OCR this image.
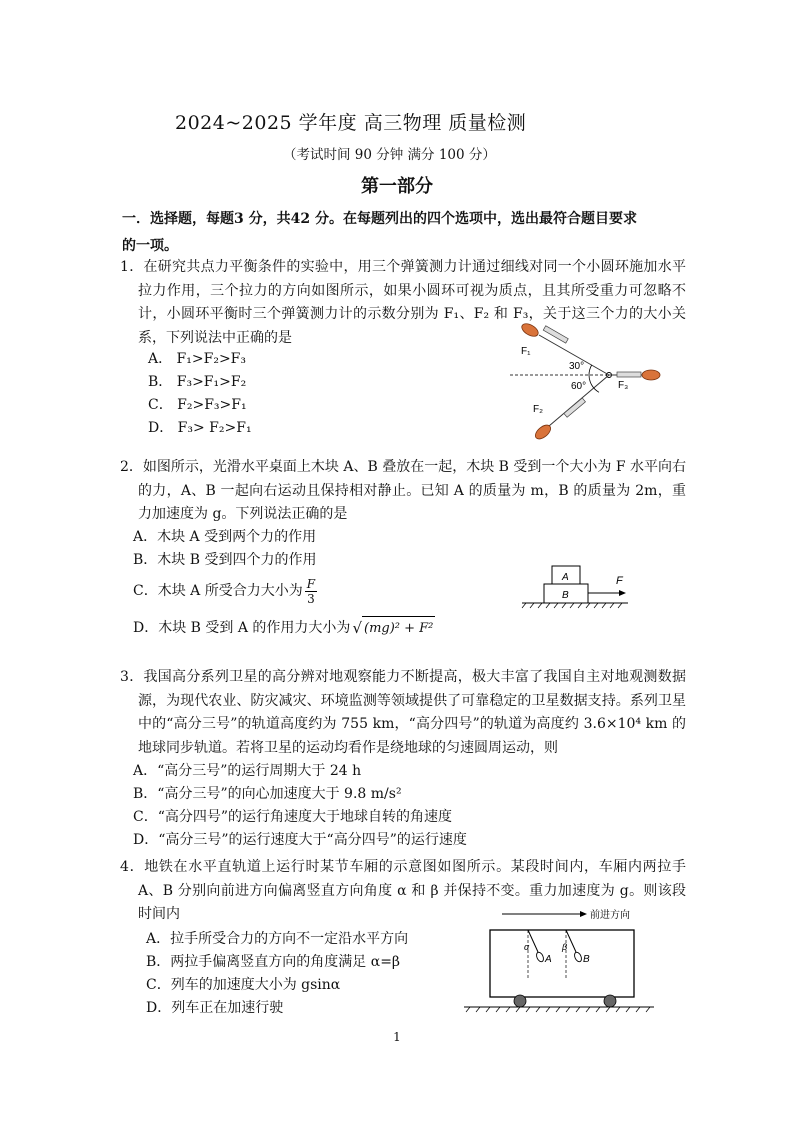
2024~2025 学年度 高三物理 质量检测
（考试时间 90 分钟 满分 100 分）
第一部分
一．选择题，每题3 分，共42 分。在每题列出的四个选项中，选出最符合题目要求
的一项。

1．在研究共点力平衡条件的实验中，用三个弹簧测力计通过细线对同一个小圆环施加水平拉力作用，三个拉力的方向如图所示，如果小圆环可视为质点，且其所受重力可忽略不计，小圆环平衡时三个弹簧测力计的示数分别为 F₁、F₂ 和 F₃，关于这三个力的大小关系，下列说法中正确的是

A． F₁>F₂>F₃
B． F₃>F₁>F₂
C． F₂>F₃>F₁
D． F₃> F₂>F₁
30°
60°
F₁
F₂
F₃

2．如图所示，光滑水平桌面上木块 A、B 叠放在一起，木块 B 受到一个大小为 F 水平向右的力，A、B 一起向右运动且保持相对静止。已知 A 的质量为 m，B 的质量为 2m，重力加速度为 g。下列说法正确的是

A．木块 A 受到两个力的作用
B．木块 B 受到四个力的作用
C．木块 A 所受合力大小为 $\frac{F}{3}$
D．木块 B 受到 A 的作用力大小为 √ (mg)² + F²
A
B
F

3．我国高分系列卫星的高分辨对地观察能力不断提高，极大丰富了我国自主对地观测数据源，为现代农业、防灾减灾、环境监测等领域提供了可靠稳定的卫星数据支持。系列卫星中的“高分三号”的轨道高度约为 755 km，“高分四号”的轨道为高度约 3.6×10⁴ km 的地球同步轨道。若将卫星的运动均看作是绕地球的匀速圆周运动，则

A．“高分三号”的运行周期大于 24 h
B．“高分三号”的向心加速度大于 9.8 m/s²
C．“高分四号”的运行角速度大于地球自转的角速度
D．“高分三号”的运行速度大于“高分四号”的运行速度

4．地铁在水平直轨道上运行时某节车厢的示意图如图所示。某段时间内，车厢内两拉手 A、B 分别向前进方向偏离竖直方向角度 α 和 β 并保持不变。重力加速度为 g。则该段时间内

A．拉手所受合力的方向不一定沿水平方向
B．两拉手偏离竖直方向的角度满足 α=β
C．列车的加速度大小为 gsinα
D．列车正在加速行驶
前进方向
α
A
β
B
1
